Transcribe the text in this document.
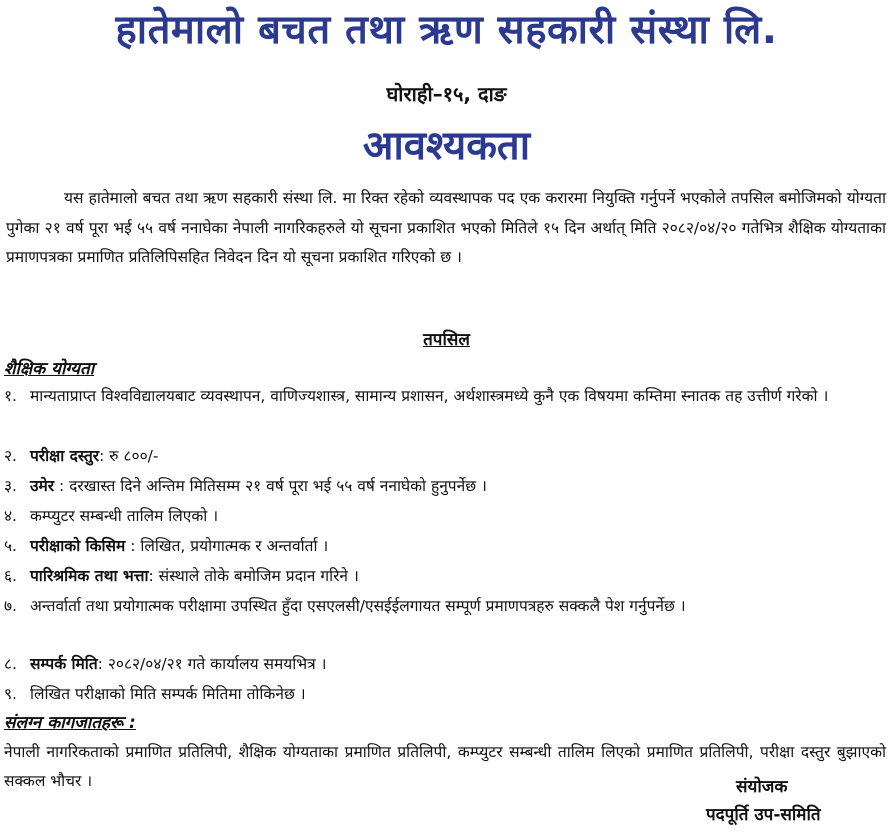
हातेमालो बचत तथा ऋण सहकारी संस्था लि.
घोराही–१५, दाङ
आवश्यकता

यस हातेमालो बचत तथा ऋण सहकारी संस्था लि. मा रिक्त रहेको व्यवस्थापक पद एक करारमा नियुक्ति गर्नुपर्ने भएकोले तपसिल बमोजिमको योग्यता पुगेका २१ वर्ष पूरा भई ५५ वर्ष ननाघेका नेपाली नागरिकहरुले यो सूचना प्रकाशित भएको मितिले १५ दिन अर्थात् मिति २०८२/०४/२० गतेभित्र शैक्षिक योग्यताका प्रमाणपत्रका प्रमाणित प्रतिलिपिसहित निवेदन दिन यो सूचना प्रकाशित गरिएको छ ।

तपसिल
शैक्षिक योग्यता
१. मान्यताप्राप्त विश्वविद्यालयबाट व्यवस्थापन, वाणिज्यशास्त्र, सामान्य प्रशासन, अर्थशास्त्रमध्ये कुनै एक विषयमा कम्तिमा स्नातक तह उत्तीर्ण गरेको ।
२. परीक्षा दस्तुर: रु ८००/-
३. उमेर : दरखास्त दिने अन्तिम मितिसम्म २१ वर्ष पूरा भई ५५ वर्ष ननाघेको हुनुपर्नेछ ।
४. कम्प्युटर सम्बन्धी तालिम लिएको ।
५. परीक्षाको किसिम : लिखित, प्रयोगात्मक र अन्तर्वार्ता ।
६. पारिश्रमिक तथा भत्ता: संस्थाले तोके बमोजिम प्रदान गरिने ।
७. अन्तर्वार्ता तथा प्रयोगात्मक परीक्षामा उपस्थित हुँदा एसएलसी/एसईईलगायत सम्पूर्ण प्रमाणपत्रहरु सक्कलै पेश गर्नुपर्नेछ ।
८. सम्पर्क मिति: २०८२/०४/२१ गते कार्यालय समयभित्र ।
९. लिखित परीक्षाको मिति सम्पर्क मितिमा तोकिनेछ ।
संलग्न कागजातहरू :
नेपाली नागरिकताको प्रमाणित प्रतिलिपी, शैक्षिक योग्यताका प्रमाणित प्रतिलिपी, कम्प्युटर सम्बन्धी तालिम लिएको प्रमाणित प्रतिलिपी, परीक्षा दस्तुर बुझाएको सक्कल भौचर ।	संयोजक
पदपूर्ति उप-समिति
